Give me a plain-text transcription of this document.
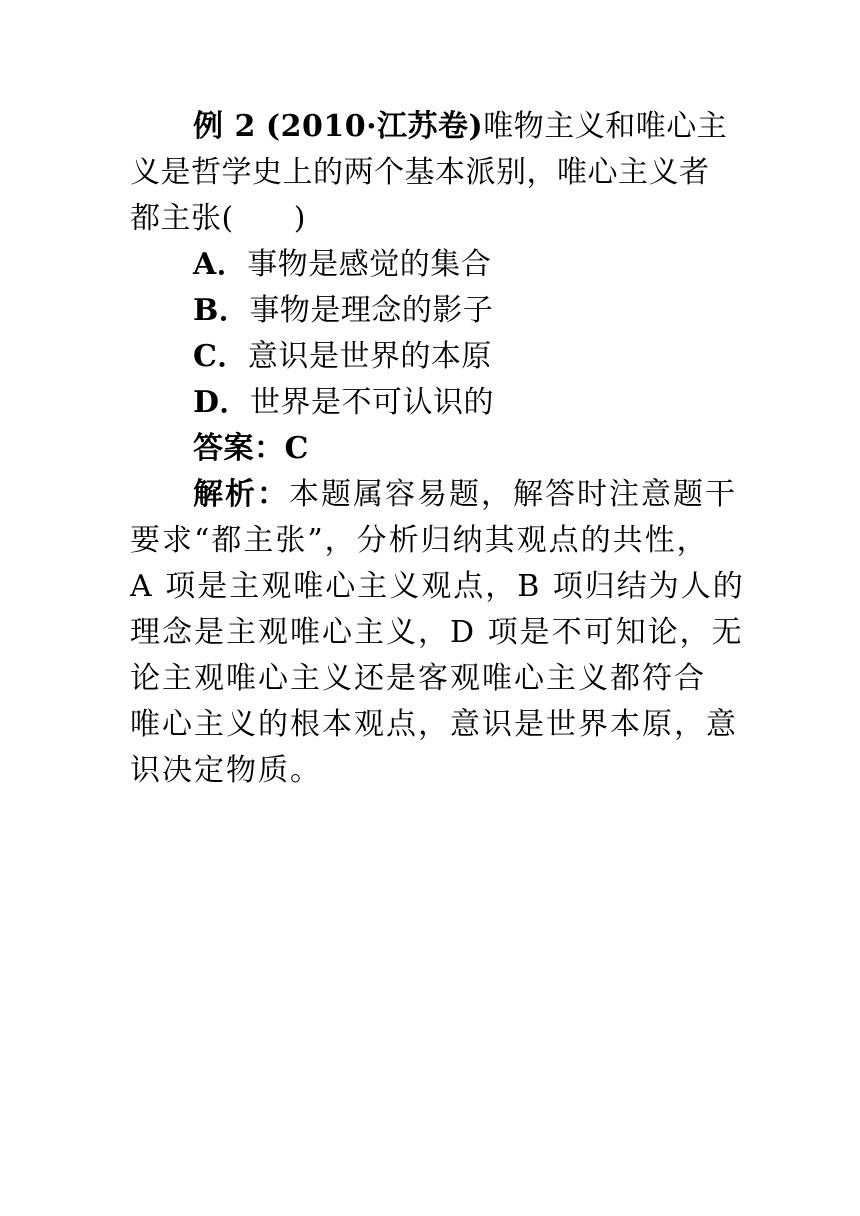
例 2 (2010·江苏卷)唯物主义和唯心主
义是哲学史上的两个基本派别，唯心主义者
都主张( )
A．事物是感觉的集合
B．事物是理念的影子
C．意识是世界的本原
D．世界是不可认识的
答案：C
解析：本题属容易题，解答时注意题干
要求“都主张”，分析归纳其观点的共性，
A 项是主观唯心主义观点，B 项归结为人的
理念是主观唯心主义，D 项是不可知论，无
论主观唯心主义还是客观唯心主义都符合
唯心主义的根本观点，意识是世界本原，意
识决定物质。
